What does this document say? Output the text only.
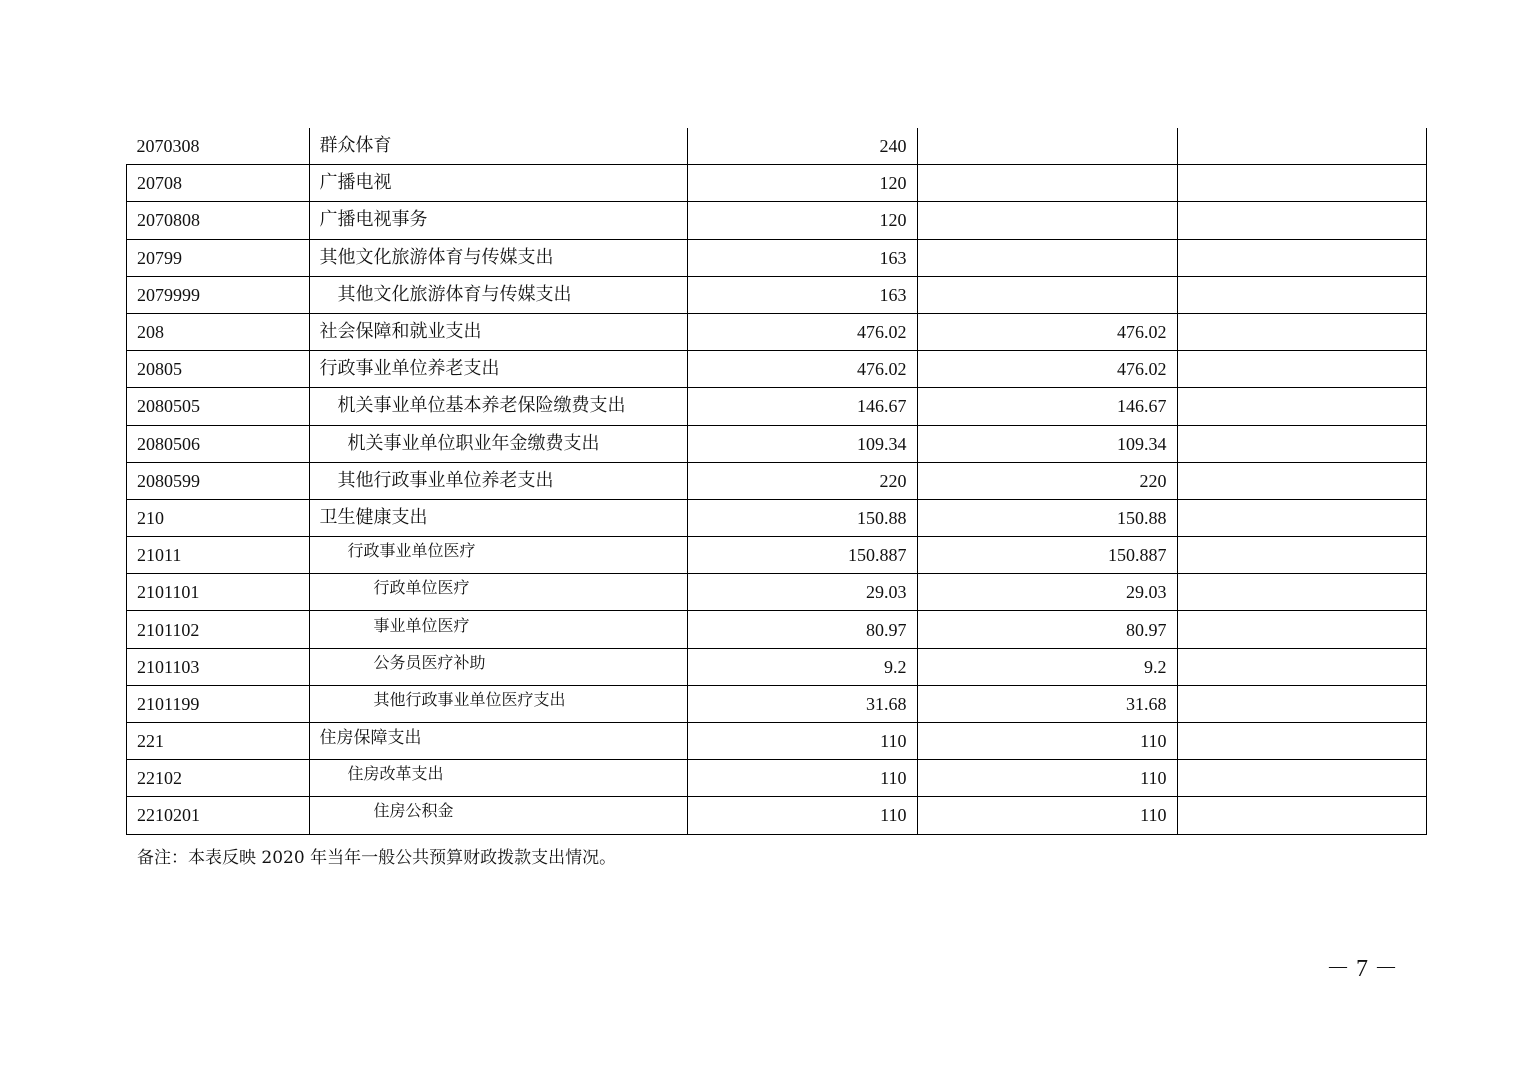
2070308	群众体育	240		
20708	广播电视	120		
2070808	广播电视事务	120		
20799	其他文化旅游体育与传媒支出	163		
2079999	其他文化旅游体育与传媒支出	163		
208	社会保障和就业支出	476.02	476.02	
20805	行政事业单位养老支出	476.02	476.02	
2080505	机关事业单位基本养老保险缴费支出	146.67	146.67	
2080506	机关事业单位职业年金缴费支出	109.34	109.34	
2080599	其他行政事业单位养老支出	220	220	
210	卫生健康支出	150.88	150.88	
21011	行政事业单位医疗	150.887	150.887	
2101101	行政单位医疗	29.03	29.03	
2101102	事业单位医疗	80.97	80.97	
2101103	公务员医疗补助	9.2	9.2	
2101199	其他行政事业单位医疗支出	31.68	31.68	
221	住房保障支出	110	110	
22102	住房改革支出	110	110	
2210201	住房公积金	110	110	
备注：本表反映 2020 年当年一般公共预算财政拨款支出情况。
－ 7 －
